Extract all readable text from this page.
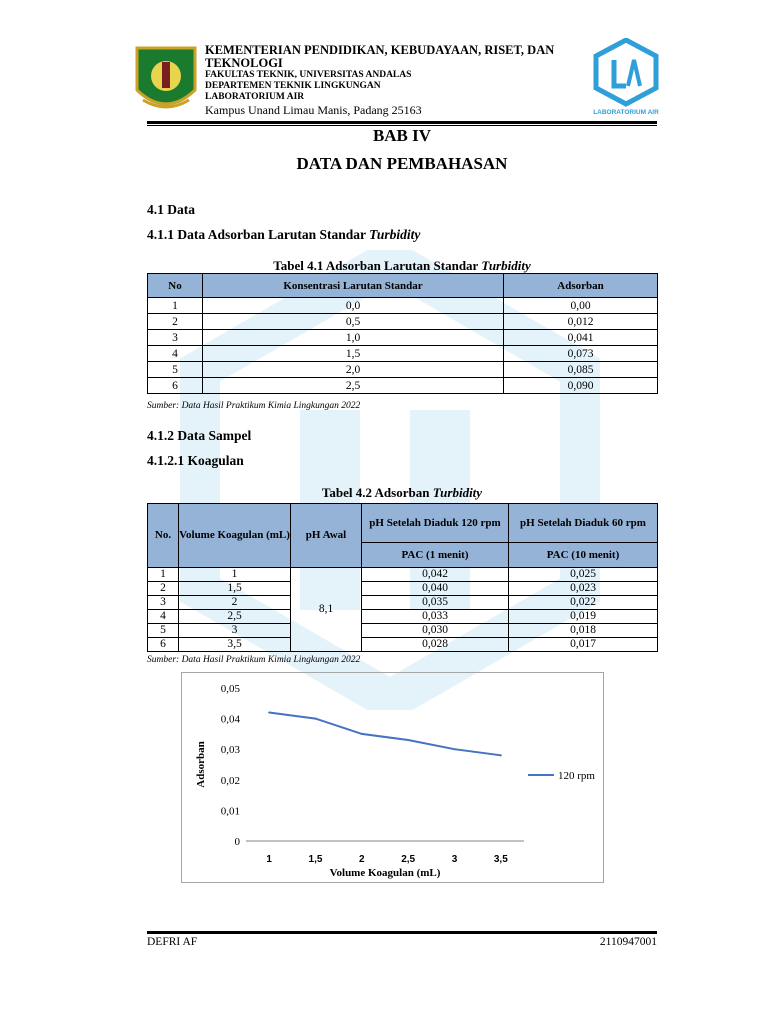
LABORATORIUM AIR
KEMENTERIAN PENDIDIKAN, KEBUDAYAAN, RISET, DAN TEKNOLOGI
FAKULTAS TEKNIK, UNIVERSITAS ANDALAS
DEPARTEMEN TEKNIK LINGKUNGAN
LABORATORIUM AIR
Kampus Unand Limau Manis, Padang 25163
BAB IV
DATA DAN PEMBAHASAN
4.1 Data
4.1.1 Data Adsorban Larutan Standar Turbidity
Tabel 4.1 Adsorban Larutan Standar Turbidity
No	Konsentrasi Larutan Standar	Adsorban
1	0,0	0,00
2	0,5	0,012
3	1,0	0,041
4	1,5	0,073
5	2,0	0,085
6	2,5	0,090
Sumber: Data Hasil Praktikum Kimia Lingkungan 2022
4.1.2 Data Sampel
4.1.2.1 Koagulan
Tabel 4.2 Adsorban Turbidity
No.	Volume Koagulan (mL)	pH Awal	pH Setelah Diaduk 120 rpm	pH Setelah Diaduk 60 rpm
			PAC (1 menit)	PAC (10 menit)
1	1	8,1	0,042	0,025
2	1,5		0,040	0,023
3	2		0,035	0,022
4	2,5		0,033	0,019
5	3		0,030	0,018
6	3,5		0,028	0,017
Sumber: Data Hasil Praktikum Kimia Lingkungan 2022
0
0,01
0,02
0,03
0,04
0,05
1	1,5	2	2,5	3	3,5
Adsorban
Volume Koagulan (mL)
120 rpm
DEFRI AF	2110947001
